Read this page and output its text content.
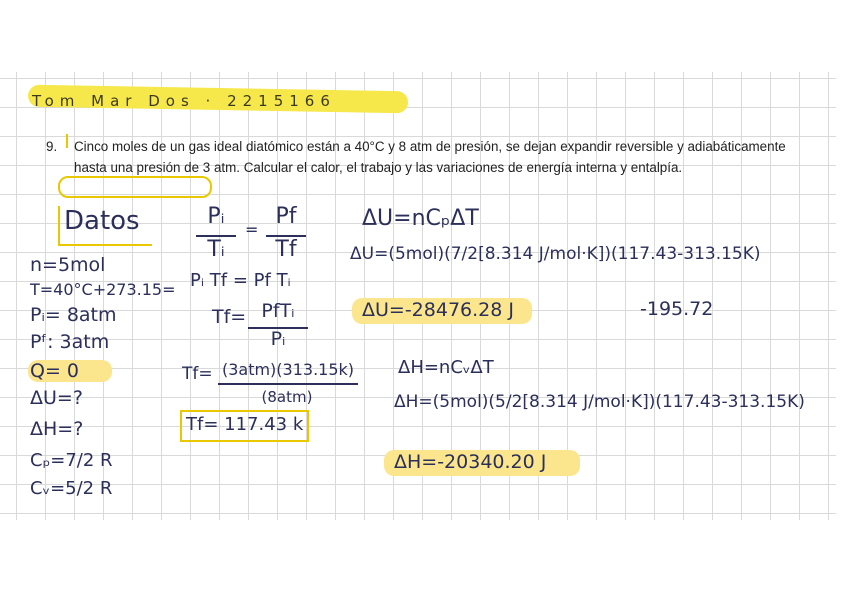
Tom Mar Dos · 2215166
9. Cinco moles de un gas ideal diatómico están a 40°C y 8 atm de presión, se dejan expandir reversible y adiabáticamente hasta una presión de 3 atm. Calcular el calor, el trabajo y las variaciones de energía interna y entalpía.
Datos
n=5mol
T=40°C+273.15=
Pᵢ= 8atm
Pᶠ: 3atm
Q= 0
ΔU=?
ΔH=?
Cₚ=7/2 R
Cᵥ=5/2 R
Pᵢ
Tᵢ
=
Pf
Tf
Pᵢ Tf = Pf Tᵢ
Tf= PfTᵢ
Pᵢ
Tf= (3atm)(313.15k)
(8atm)
Tf= 117.43 k
ΔU=nCₚΔT
ΔU=(5mol)(7/2[8.314 J/mol·K])(117.43-313.15K)
-195.72
ΔU=-28476.28 J
ΔH=nCᵥΔT
ΔH=(5mol)(5/2[8.314 J/mol·K])(117.43-313.15K)
ΔH=-20340.20 J
